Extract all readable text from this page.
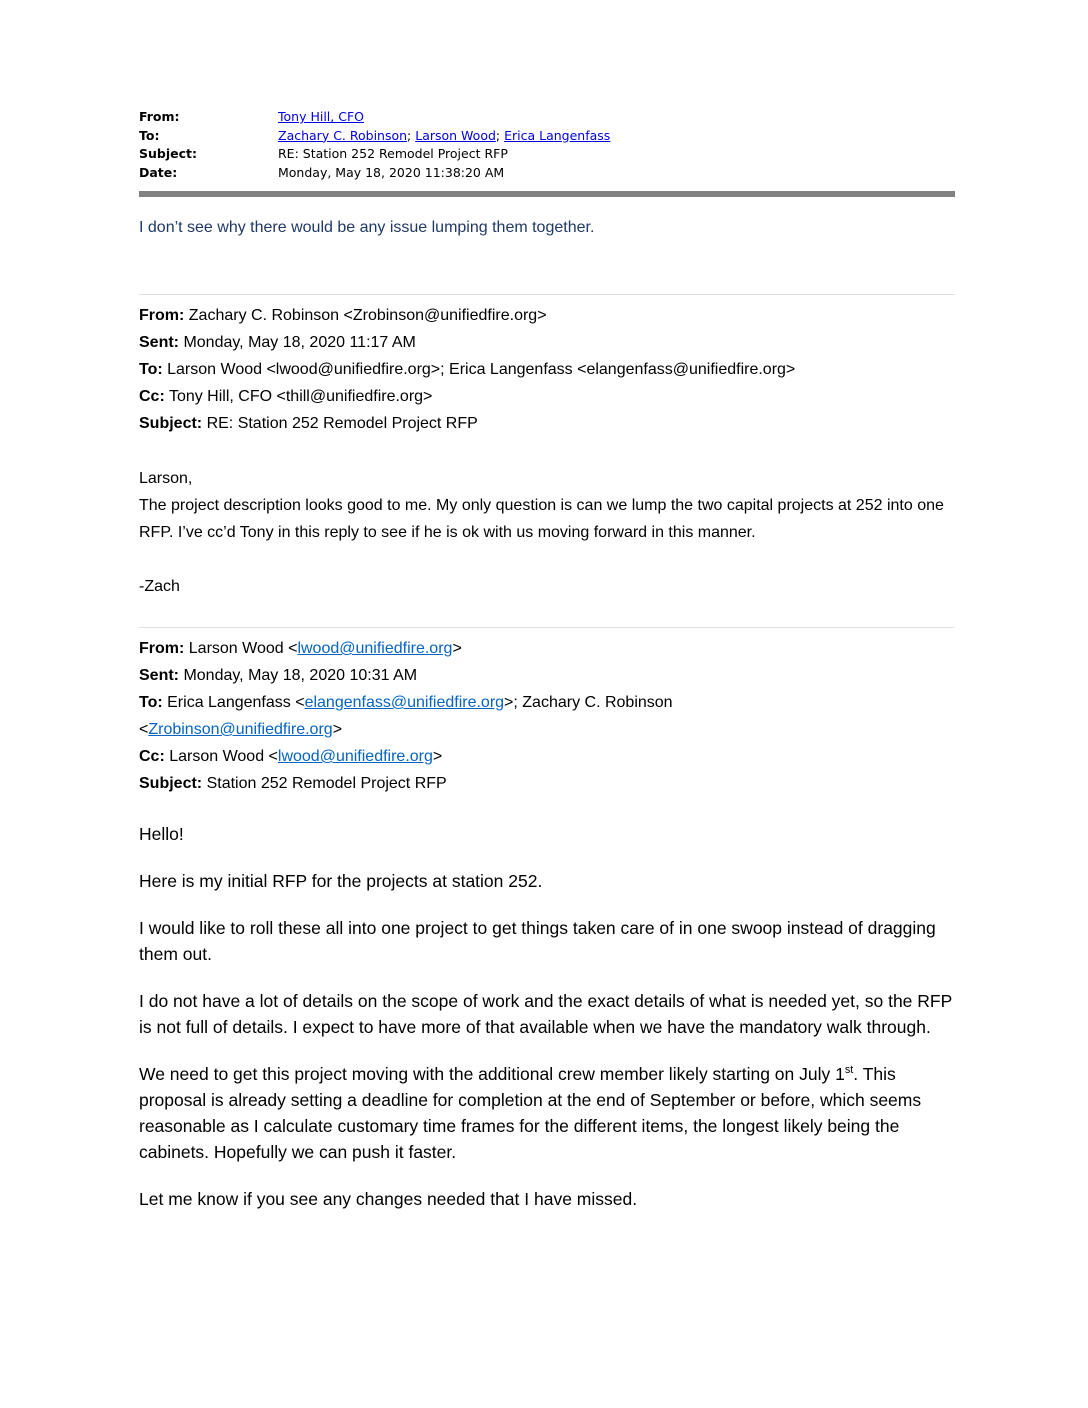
From:	Tony Hill, CFO
To:	Zachary C. Robinson; Larson Wood; Erica Langenfass
Subject:	RE: Station 252 Remodel Project RFP
Date:	Monday, May 18, 2020 11:38:20 AM

I don’t see why there would be any issue lumping them together.

From: Zachary C. Robinson <Zrobinson@unifiedfire.org>
Sent: Monday, May 18, 2020 11:17 AM
To: Larson Wood <lwood@unifiedfire.org>; Erica Langenfass <elangenfass@unifiedfire.org>
Cc: Tony Hill, CFO <thill@unifiedfire.org>
Subject: RE: Station 252 Remodel Project RFP

Larson,

The project description looks good to me. My only question is can we lump the two capital projects at 252 into one RFP. I’ve cc’d Tony in this reply to see if he is ok with us moving forward in this manner.

-Zach

From: Larson Wood <lwood@unifiedfire.org>
Sent: Monday, May 18, 2020 10:31 AM
To: Erica Langenfass <elangenfass@unifiedfire.org>; Zachary C. Robinson
<Zrobinson@unifiedfire.org>
Cc: Larson Wood <lwood@unifiedfire.org>
Subject: Station 252 Remodel Project RFP

Hello!

Here is my initial RFP for the projects at station 252.

I would like to roll these all into one project to get things taken care of in one swoop instead of dragging them out.

I do not have a lot of details on the scope of work and the exact details of what is needed yet, so the RFP is not full of details. I expect to have more of that available when we have the mandatory walk through.

We need to get this project moving with the additional crew member likely starting on July 1st. This proposal is already setting a deadline for completion at the end of September or before, which seems reasonable as I calculate customary time frames for the different items, the longest likely being the cabinets. Hopefully we can push it faster.

Let me know if you see any changes needed that I have missed.
